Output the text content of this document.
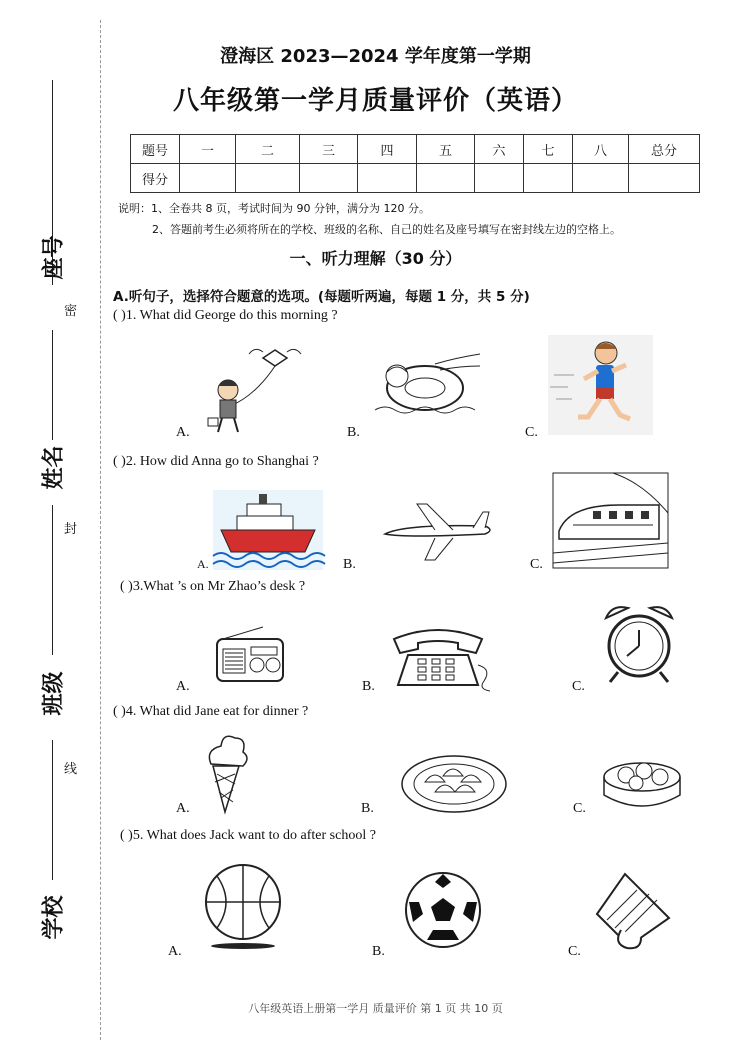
座号
姓名
班级
学校
密
封
线
澄海区 2023—2024 学年度第一学期
八年级第一学月质量评价（英语）
题号	一	二	三	四	五	六	七	八	总分
得分									
说明：1、全卷共 8 页，考试时间为 90 分钟，满分为 120 分。
2、答题前考生必须将所在的学校、班级的名称、自己的姓名及座号填写在密封线左边的空格上。
一、听力理解（30 分）
A.听句子，选择符合题意的选项。(每题听两遍，每题 1 分，共 5 分)
( )1. What did George do this morning ?
A.	B.	C.
( )2. How did Anna go to Shanghai ?
A.	B.	C.
( )3.What ’s on Mr Zhao’s desk ?
A.	B.	C.
( )4. What did Jane eat for dinner ?
A.	B.	C.
( )5. What does Jack want to do after school ?
A.	B.	C.
八年级英语上册第一学月 质量评价 第 1 页 共 10 页
